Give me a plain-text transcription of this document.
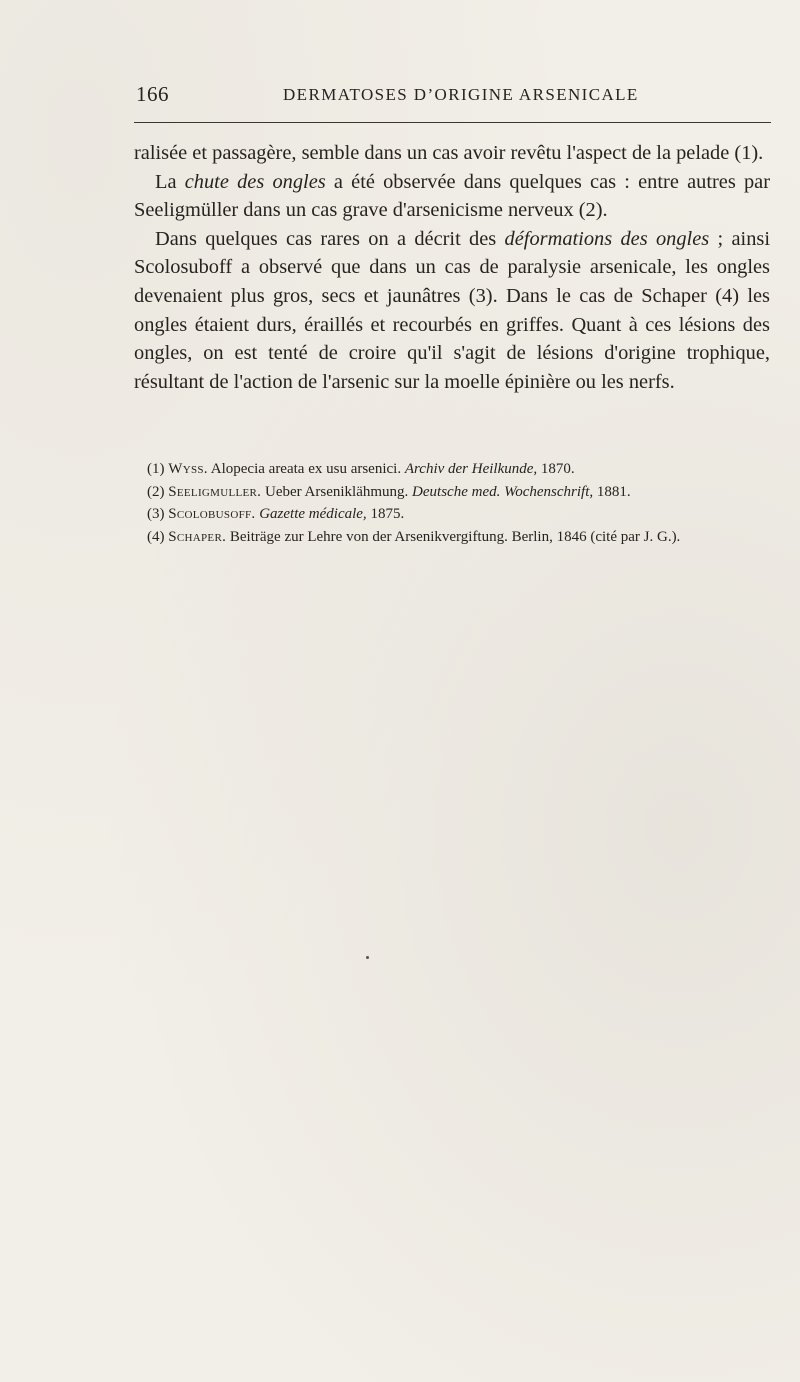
166	DERMATOSES D’ORIGINE ARSENICALE

ralisée et passagère, semble dans un cas avoir revêtu l'aspect de la pelade (1).

La chute des ongles a été observée dans quelques cas : entre autres par Seeligmüller dans un cas grave d'arsenicisme nerveux (2).

Dans quelques cas rares on a décrit des déformations des ongles ; ainsi Scolosuboff a observé que dans un cas de paralysie arsenicale, les ongles devenaient plus gros, secs et jaunâtres (3). Dans le cas de Schaper (4) les ongles étaient durs, éraillés et recourbés en griffes. Quant à ces lésions des ongles, on est tenté de croire qu'il s'agit de lésions d'origine trophique, résultant de l'action de l'arsenic sur la moelle épinière ou les nerfs.

(1) Wyss. Alopecia areata ex usu arsenici. Archiv der Heilkunde, 1870.

(2) Seeligmuller. Ueber Arseniklähmung. Deutsche med. Wochenschrift, 1881.

(3) Scolobusoff. Gazette médicale, 1875.

(4) Schaper. Beiträge zur Lehre von der Arsenikvergiftung. Berlin, 1846 (cité par J. G.).
